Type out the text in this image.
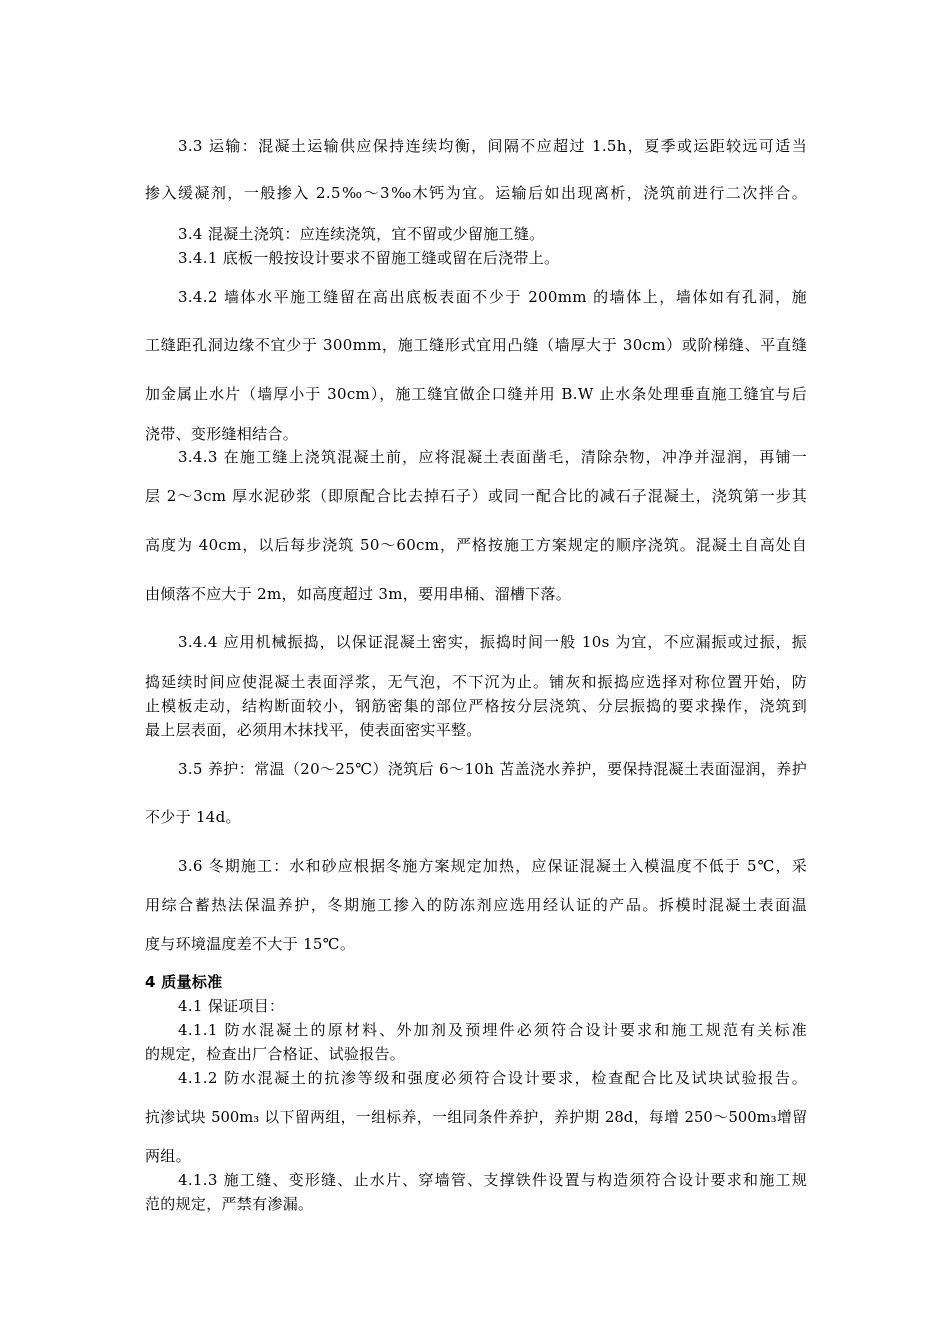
3.3 运输：混凝土运输供应保持连续均衡，间隔不应超过 1.5h，夏季或运距较远可适当
掺入缓凝剂，一般掺入 2.5‰～3‰木钙为宜。运输后如出现离析，浇筑前进行二次拌合。
3.4 混凝土浇筑：应连续浇筑，宜不留或少留施工缝。
3.4.1 底板一般按设计要求不留施工缝或留在后浇带上。
3.4.2 墙体水平施工缝留在高出底板表面不少于 200mm 的墙体上，墙体如有孔洞，施
工缝距孔洞边缘不宜少于 300mm，施工缝形式宜用凸缝（墙厚大于 30cm）或阶梯缝、平直缝
加金属止水片（墙厚小于 30cm），施工缝宜做企口缝并用 B.W 止水条处理垂直施工缝宜与后
浇带、变形缝相结合。
3.4.3 在施工缝上浇筑混凝土前，应将混凝土表面凿毛，清除杂物，冲净并湿润，再铺一
层 2～3cm 厚水泥砂浆（即原配合比去掉石子）或同一配合比的减石子混凝土，浇筑第一步其
高度为 40cm，以后每步浇筑 50～60cm，严格按施工方案规定的顺序浇筑。混凝土自高处自
由倾落不应大于 2m，如高度超过 3m，要用串桶、溜槽下落。
3.4.4 应用机械振捣，以保证混凝土密实，振捣时间一般 10s 为宜，不应漏振或过振，振
捣延续时间应使混凝土表面浮浆，无气泡，不下沉为止。铺灰和振捣应选择对称位置开始，防
止模板走动，结构断面较小，钢筋密集的部位严格按分层浇筑、分层振捣的要求操作，浇筑到
最上层表面，必须用木抹找平，使表面密实平整。
3.5 养护：常温（20～25℃）浇筑后 6～10h 苫盖浇水养护，要保持混凝土表面湿润，养护
不少于 14d。
3.6 冬期施工：水和砂应根据冬施方案规定加热，应保证混凝土入模温度不低于 5℃，采
用综合蓄热法保温养护，冬期施工掺入的防冻剂应选用经认证的产品。拆模时混凝土表面温
度与环境温度差不大于 15℃。
4 质量标准
4.1 保证项目：
4.1.1 防水混凝土的原材料、外加剂及预埋件必须符合设计要求和施工规范有关标准
的规定，检查出厂合格证、试验报告。
4.1.2 防水混凝土的抗渗等级和强度必须符合设计要求，检查配合比及试块试验报告。
抗渗试块 500m₃ 以下留两组，一组标养，一组同条件养护，养护期 28d，每增 250～500m₃增留
两组。
4.1.3 施工缝、变形缝、止水片、穿墙管、支撑铁件设置与构造须符合设计要求和施工规
范的规定，严禁有渗漏。
